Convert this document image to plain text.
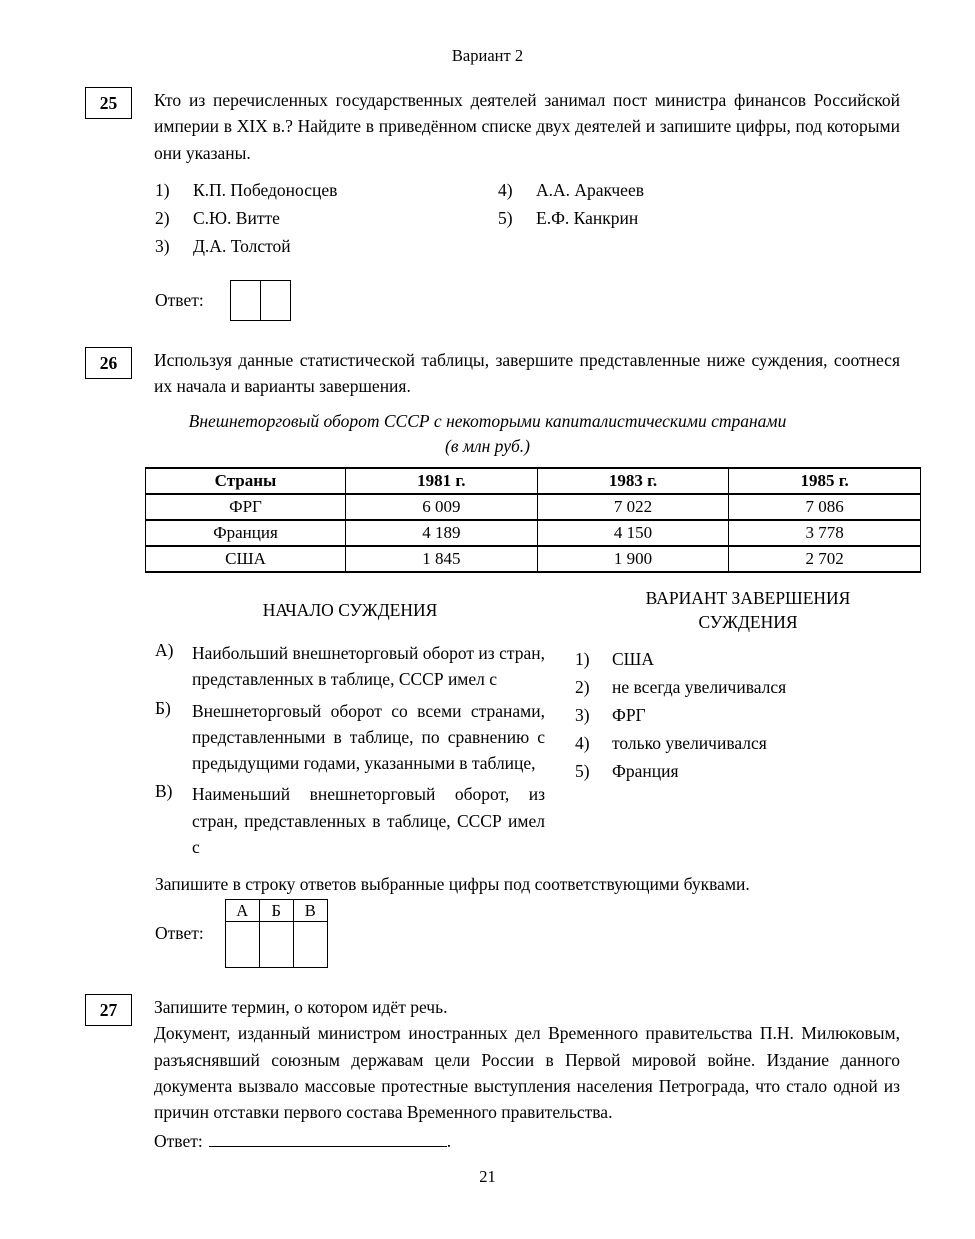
Вариант 2
25	Кто из перечисленных государственных деятелей занимал пост министра финансов Российской империи в XIX в.? Найдите в приведённом списке двух деятелей и запишите цифры, под которыми они указаны.
1)	К.П. Победоносцев
2)	С.Ю. Витте
3)	Д.А. Толстой
4)	А.А. Аракчеев
5)	Е.Ф. Канкрин
Ответ:
26	Используя данные статистической таблицы, завершите представленные ниже суждения, соотнеся их начала и варианты завершения.
Внешнеторговый оборот СССР с некоторыми капиталистическими странами
(в млн руб.)
Страны	1981 г.	1983 г.	1985 г.
ФРГ	6 009	7 022	7 086
Франция	4 189	4 150	3 778
США	1 845	1 900	2 702
НАЧАЛО СУЖДЕНИЯ
А)	Наибольший внешнеторговый оборот из стран, представленных в таблице, СССР имел с
Б)	Внешнеторговый оборот со всеми странами, представленными в таблице, по сравнению с предыдущими годами, указанными в таблице,
В)	Наименьший внешнеторговый оборот, из стран, представленных в таблице, СССР имел с
ВАРИАНТ ЗАВЕРШЕНИЯ СУЖДЕНИЯ
1)	США
2)	не всегда увеличивался
3)	ФРГ
4)	только увеличивался
5)	Франция
Запишите в строку ответов выбранные цифры под соответствующими буквами.
Ответ:
А	Б	В

27	Запишите термин, о котором идёт речь.
Документ, изданный министром иностранных дел Временного правительства П.Н. Милюковым, разъяснявший союзным державам цели России в Первой мировой войне. Издание данного документа вызвало массовые протестные выступления населения Петрограда, что стало одной из причин отставки первого состава Временного правительства.
Ответ:	.
21
